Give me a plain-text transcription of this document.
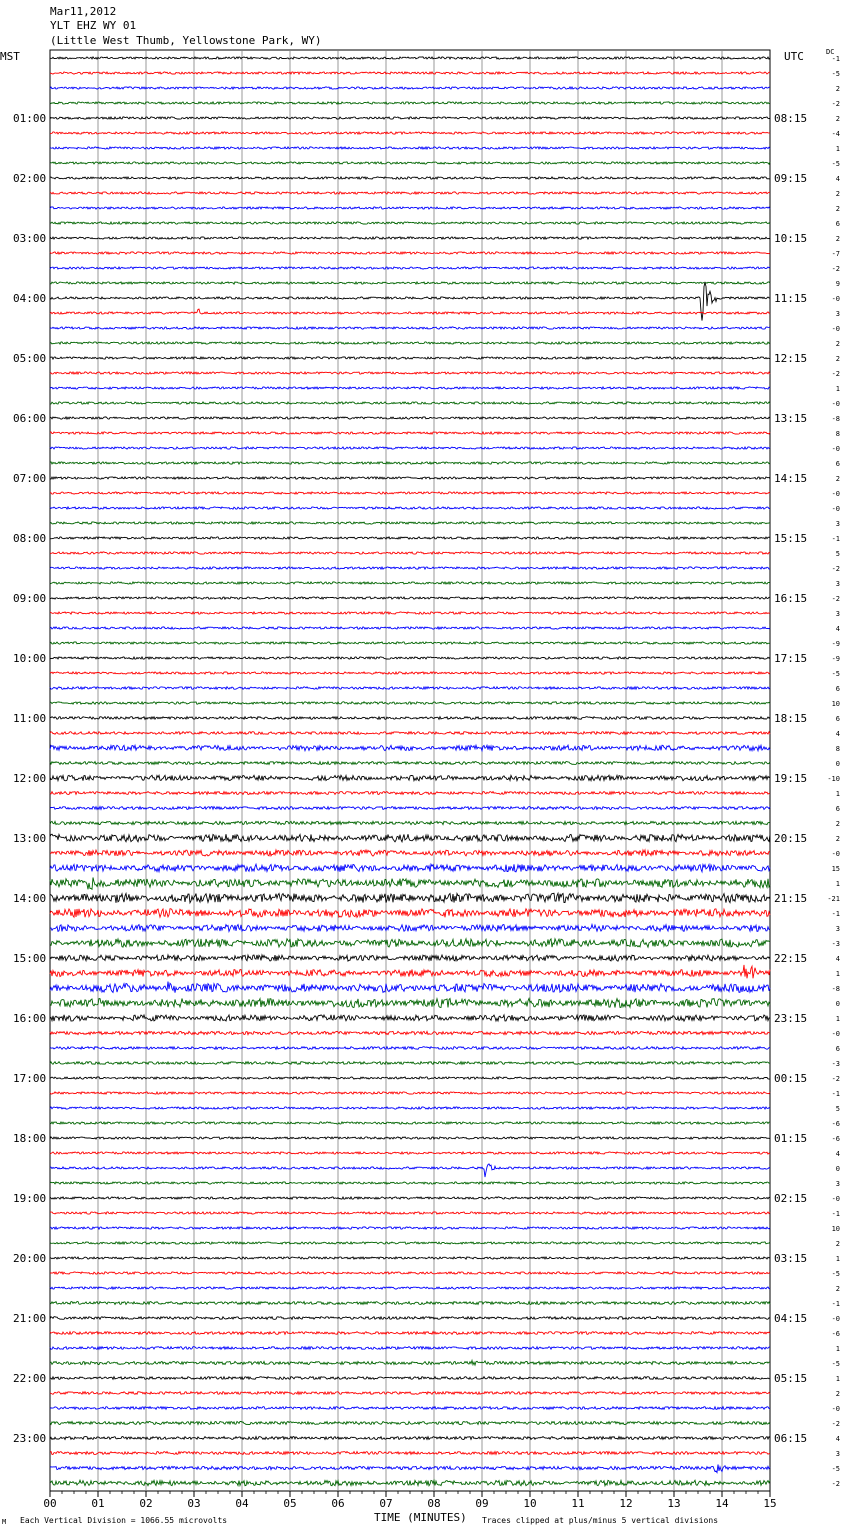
Mar11,2012
YLT EHZ WY 01
(Little West Thumb, Yellowstone Park, WY)
MST	UTC	DC
-1
-5
2
-2
2
-4
1
-5
4
2
2
6
2
-7
-2
9
-0
3
-0
2
2
-2
1
-0
-8
8
-0
6
2
-0
-0
3
-1
5
-2
3
-2
3
4
-9
-9
-5
6
10
6
4
8
0
-10
1
6
2
2
-0
15
1
-21
-1
3
-3
4
1
-8
0
1
-0
6
-3
-2
-1
5
-6
-6
4
0
3
-0
-1
10
2
1
-5
2
-1
-0
-6
1
-5
1
2
-0
-2
4
3
-5
-2
01:00	08:15
02:00	09:15
03:00	10:15
04:00	11:15
05:00	12:15
06:00	13:15
07:00	14:15
08:00	15:15
09:00	16:15
10:00	17:15
11:00	18:15
12:00	19:15
13:00	20:15
14:00	21:15
15:00	22:15
16:00	23:15
17:00	00:15
18:00	01:15
19:00	02:15
20:00	03:15
21:00	04:15
22:00	05:15
23:00	06:15
00	01	02	03	04	05	06	07	08	09	10	11	12	13	14	15
TIME (MINUTES)
M Each Vertical Division = 1066.55 microvolts	Traces clipped at plus/minus 5 vertical divisions
